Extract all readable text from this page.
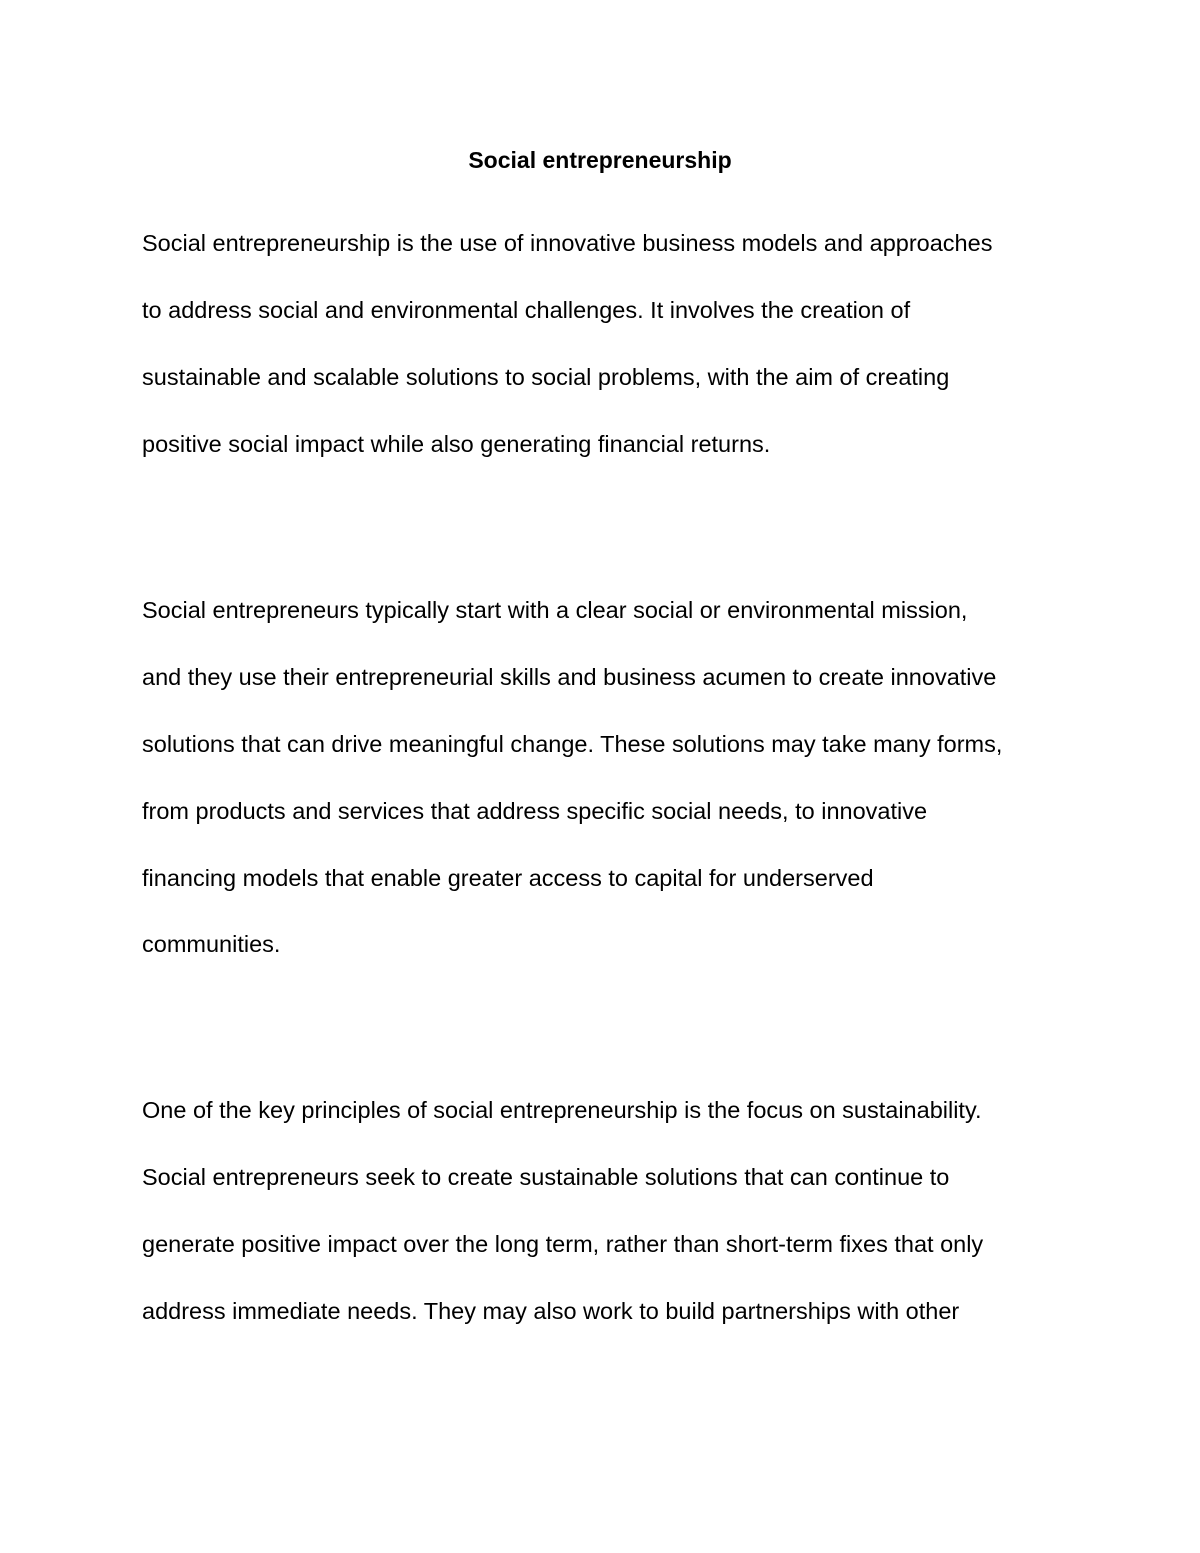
Social entrepreneurship
Social entrepreneurship is the use of innovative business models and approaches
to address social and environmental challenges. It involves the creation of
sustainable and scalable solutions to social problems, with the aim of creating
positive social impact while also generating financial returns.
Social entrepreneurs typically start with a clear social or environmental mission,
and they use their entrepreneurial skills and business acumen to create innovative
solutions that can drive meaningful change. These solutions may take many forms,
from products and services that address specific social needs, to innovative
financing models that enable greater access to capital for underserved
communities.
One of the key principles of social entrepreneurship is the focus on sustainability.
Social entrepreneurs seek to create sustainable solutions that can continue to
generate positive impact over the long term, rather than short-term fixes that only
address immediate needs. They may also work to build partnerships with other
